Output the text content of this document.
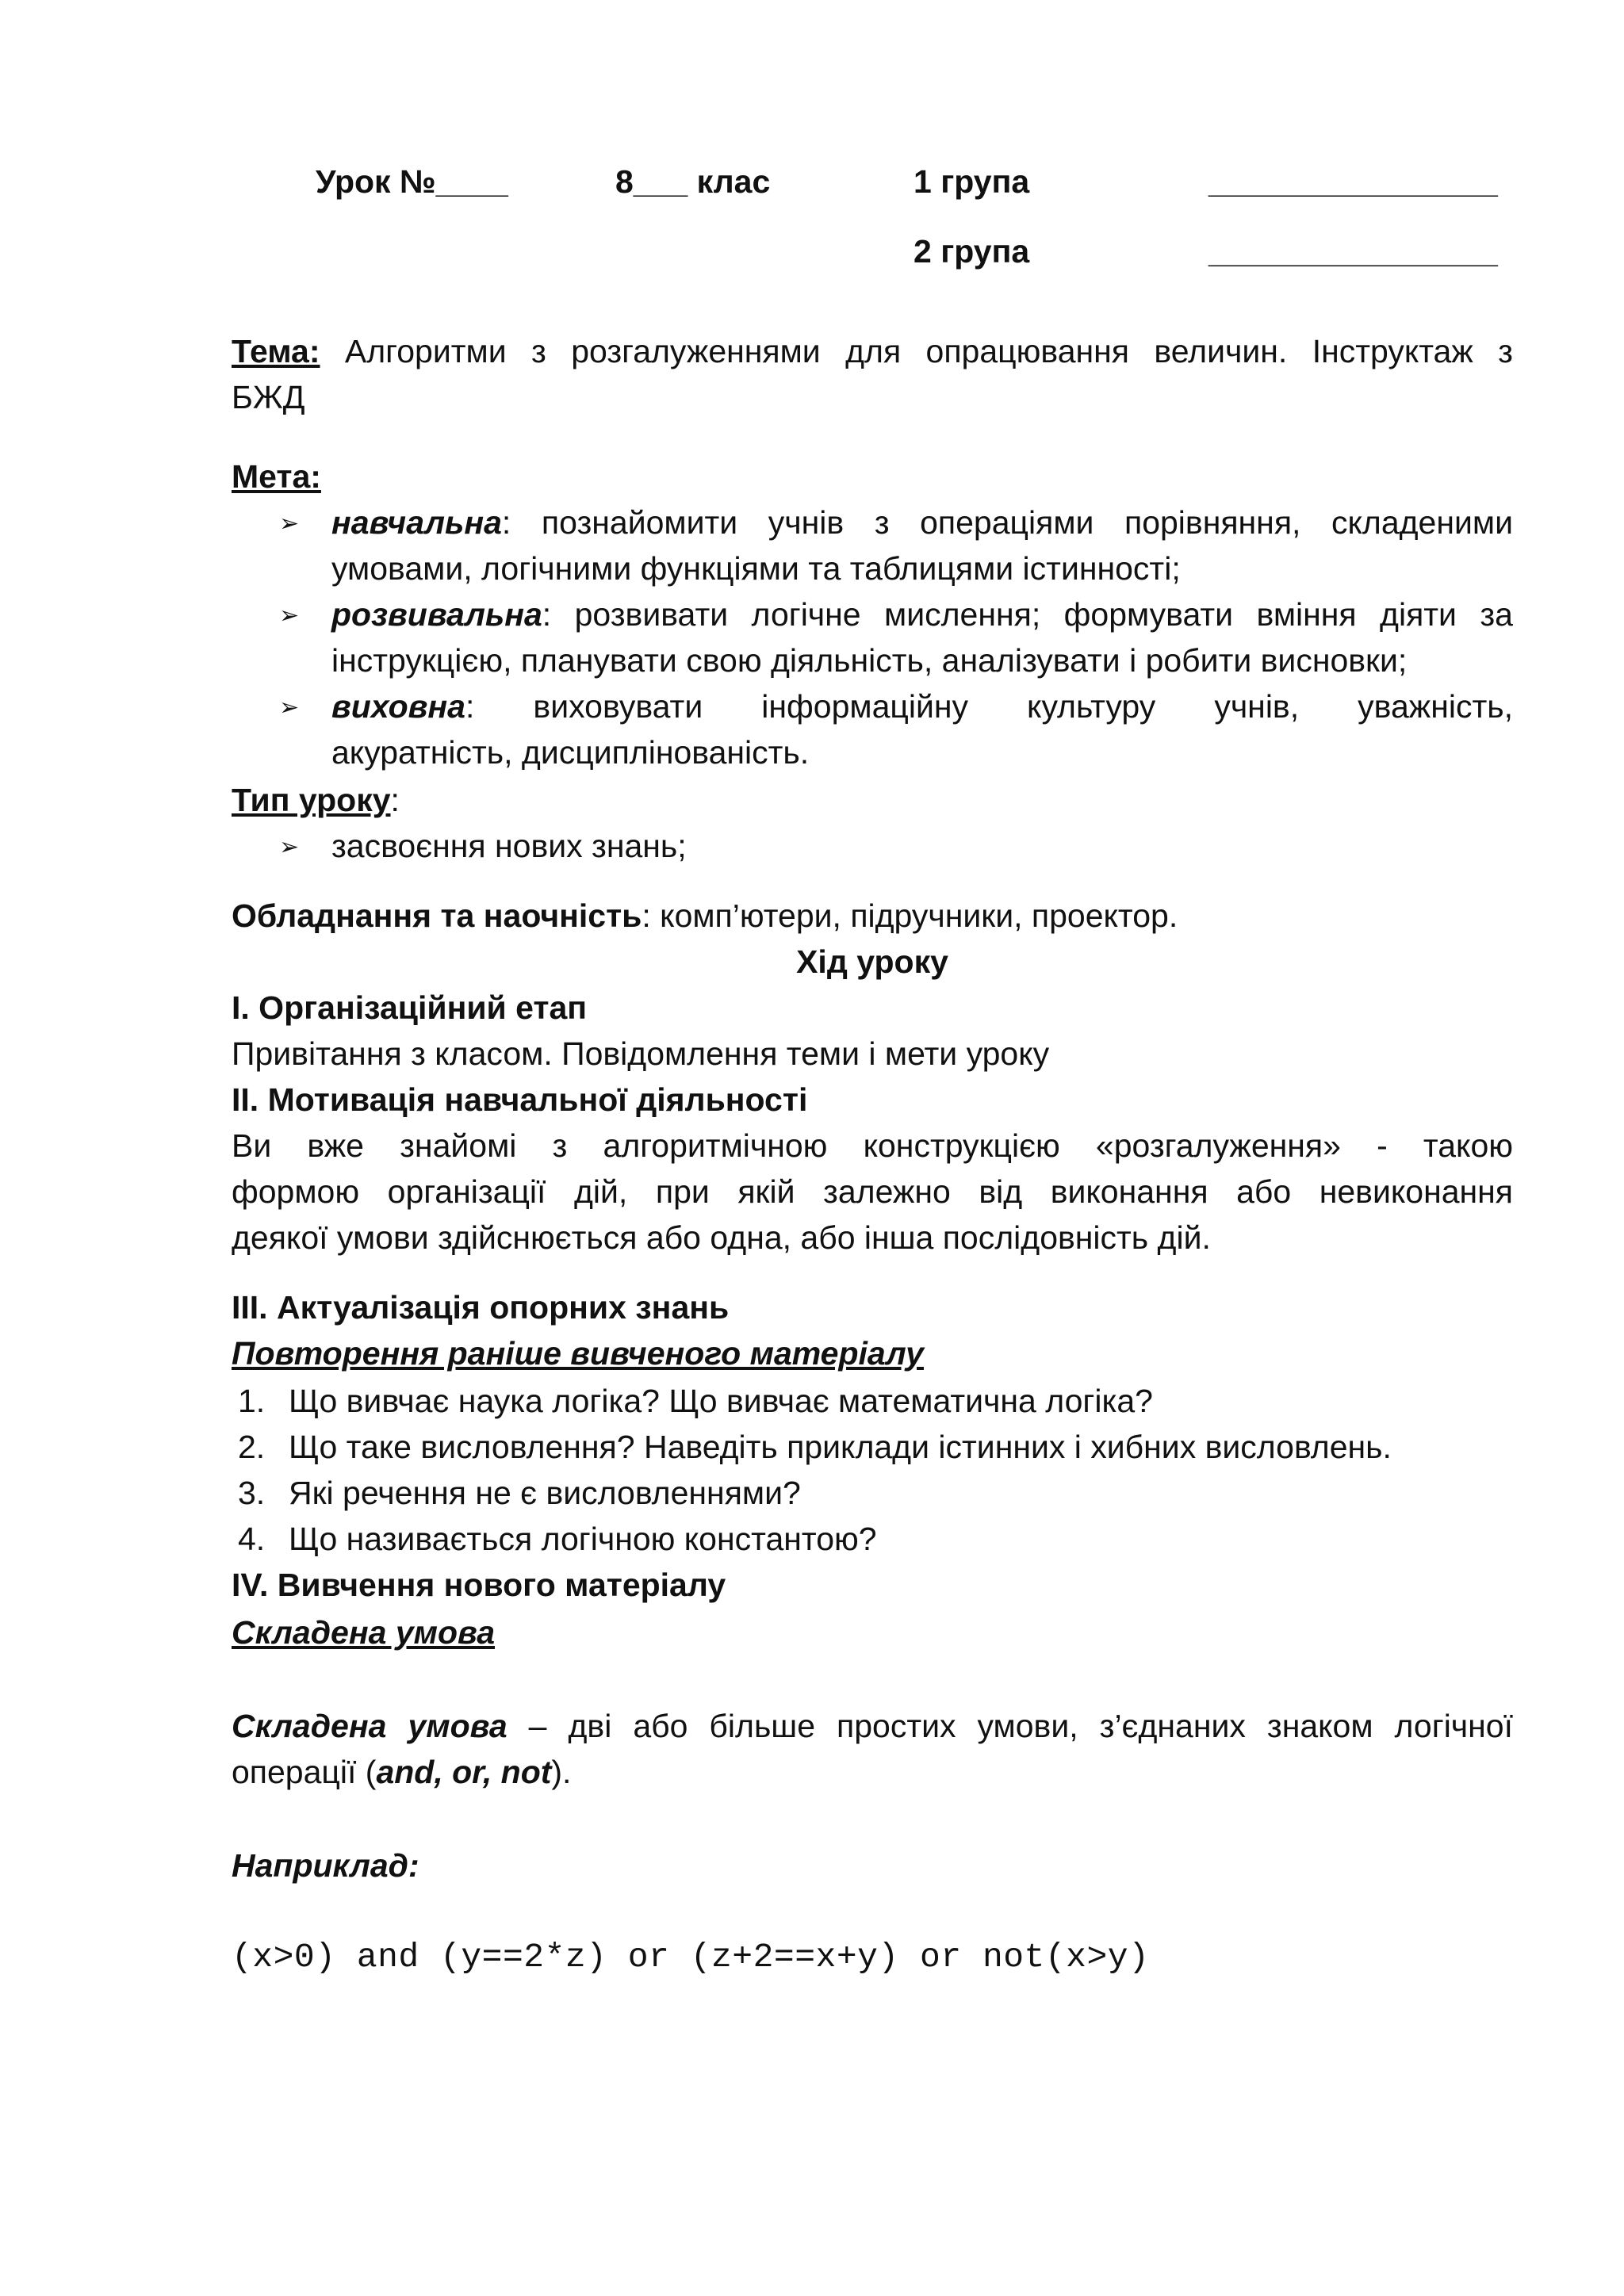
Урок №____	8___ клас	1 група	________________
2 група	________________

Тема: Алгоритми з розгалуженнями для опрацювання величин. Інструктаж з

БЖД

Мета:
➢ навчальна: познайомити учнів з операціями порівняння, складеними

умовами, логічними функціями та таблицями істинності;

➢ розвивальна: розвивати логічне мислення; формувати вміння діяти за

інструкцією, планувати свою діяльність, аналізувати і робити висновки;

➢ виховна: виховувати інформаційну культуру учнів, уважність,

акуратність, дисциплінованість.

Тип уроку:
➢ засвоєння нових знань;
Обладнання та наочність: комп’ютери, підручники, проектор.
Хід уроку
I. Організаційний етап
Привітання з класом. Повідомлення теми і мети уроку
II. Мотивація навчальної діяльності

Ви вже знайомі з алгоритмічною конструкцією «розгалуження» - такою

формою організації дій, при якій залежно від виконання або невиконання

деякої умови здійснюється або одна, або інша послідовність дій.

III. Актуалізація опорних знань
Повторення раніше вивченого матеріалу
1. Що вивчає наука логіка? Що вивчає математична логіка?
2. Що таке висловлення? Наведіть приклади істинних і хибних висловлень.
3. Які речення не є висловленнями?
4. Що називається логічною константою?
IV. Вивчення нового матеріалу
Складена умова

Складена умова – дві або більше простих умови, з’єднаних знаком логічної

операції (and, or, not).

Наприклад:
(x>0) and (y==2*z) or (z+2==x+y) or not(x>y)
